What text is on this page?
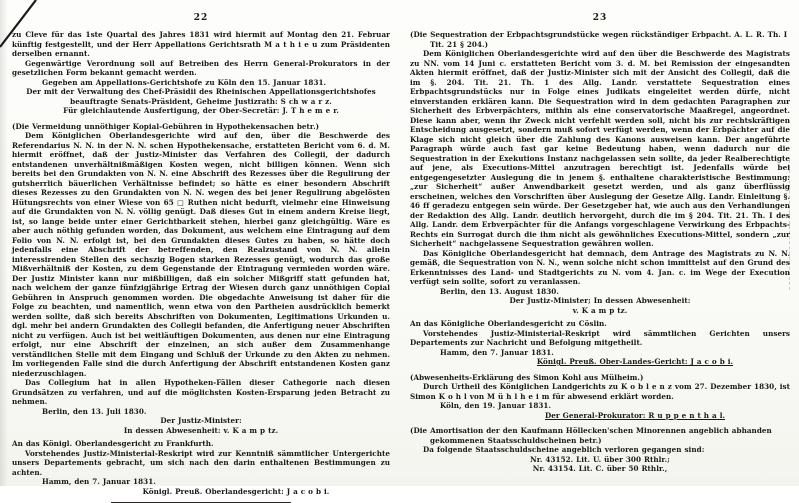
22

zu Cleve für das 1ste Quartal des Jahres 1831 wird hiermit auf Montag den 21. Februar künftig festgestellt, und der Herr Appellations Gerichtsrath M a t h i e u zum Präsidenten derselben ernannt.

Gegenwärtige Verordnung soll auf Betreiben des Herrn General-Prokurators in der gesetzlichen Form bekannt gemacht werden.

Gegeben am Appellations-Gerichtshofe zu Köln den 15. Januar 1831.

Der mit der Verwaltung des Chef-Präsidii des Rheinischen Appellationsgerichtshofes beauftragte Senats-Präsident, Geheime Justizrath: S ch w a r z.

Für gleichlautende Ausfertigung, der Ober-Secretär: J. T h e m e r.

(Die Vermeidung unnöthiger Kopial-Gebühren in Hypothekensachen betr.)

Dem Königlichen Oberlandesgerichte wird auf den, über die Beschwerde des Referendarius N. N. in der N. N. schen Hypothekensache, erstatteten Bericht vom 6. d. M. hiermit eröffnet, daß der Justiz-Minister das Verfahren des Collegii, der dadurch entstandenen unverhältnißmäßigen Kosten wegen, nicht billigen können. Wenn sich bereits bei den Grundakten von N. N. eine Abschrift des Rezesses über die Regulirung der gutsherrlich bäuerlichen Verhältnisse befindet; so hätte es einer besondern Abschrift dieses Rezesses zu den Grundakten von N. N. wegen des bei jener Regulirung abgelösten Hütungsrechts von einer Wiese von 65 □ Ruthen nicht bedurft, vielmehr eine Hinweisung auf die Grundakten von N. N. völlig genügt. Daß dieses Gut in einem andern Kreise liegt, ist, so lange beide unter einer Gerichtbarkeit stehen, hierbei ganz gleichgültig. Wäre es aber auch nöthig gefunden worden, das Dokument, aus welchem eine Eintragung auf dem Folio von N. N. erfolgt ist, bei den Grundakten dieses Gutes zu haben, so hätte doch jedenfalls eine Abschrift der betreffenden, den Realzustand von N. N. allein interessirenden Stellen des sechszig Bogen starken Rezesses genügt, wodurch das große Mißverhältniß der Kosten, zu dem Gegenstande der Eintragung vermieden worden wäre. Der Justiz Minister kann nur mißbilligen, daß ein solcher Mißgriff statt gefunden hat, nach welchem der ganze fünfzigjährige Ertrag der Wiesen durch ganz unnöthigen Copial Gebühren in Anspruch genommen worden. Die obgedachte Anweisung ist daher für die Folge zu beachten, und namentlich, wenn etwa von den Partheien ausdrücklich bemerkt werden sollte, daß sich bereits Abschriften von Dokumenten, Legitimations Urkunden u. dgl. mehr bei andern Grundakten des Collegii befanden, die Anfertigung neuer Abschriften nicht zu verfügen. Auch ist bei weitläuftigen Dokumenten, aus denen nur eine Eintragung erfolgt, nur eine Abschrift der einzelnen, an sich außer dem Zusammenhange verständlichen Stelle mit dem Eingang und Schluß der Urkunde zu den Akten zu nehmen. Im vorliegenden Falle sind die durch Anfertigung der Abschrift entstandenen Kosten ganz niederzuschlagen.

Das Collegium hat in allen Hypotheken-Fällen dieser Cathegorie nach diesen Grundsätzen zu verfahren, und auf die möglichsten Kosten-Ersparung jeden Betracht zu nehmen.

Berlin, den 13. Juli 1830.

Der Justiz-Minister:

In dessen Abwesenheit: v. K a m p tz.

An das Königl. Oberlandesgericht zu Frankfurth.

Vorstehendes Justiz-Ministerial-Reskript wird zur Kenntniß sämmtlicher Untergerichte unsers Departements gebracht, um sich nach den darin enthaltenen Bestimmungen zu achten.

Hamm, den 7. Januar 1831.

Königl. Preuß. Oberlandesgericht: J a c o b i.

23

(Die Sequestration der Erbpachtsgrundstücke wegen rückständiger Erbpacht. A. L. R. Th. I Tit. 21 § 204.)

Dem Königlichen Oberlandesgerichte wird auf den über die Beschwerde des Magistrats zu NN. vom 14 Juni c. erstatteten Bericht vom 3. d. M. bei Remission der eingesandten Akten hiermit eröffnet, daß der Justiz-Minister sich mit der Ansicht des Collegii, daß die im §. 204. Tit. 21. Th. 1 des Allg. Landr. verstattete Sequestration eines Erbpachtsgrundstücks nur in Folge eines Judikats eingeleitet werden dürfe, nicht einverstanden erklären kann. Die Sequestration wird in dem gedachten Paragraphen zur Sicherheit des Erbverpächters, mithin als eine conservatorische Maaßregel, angeordnet. Diese kann aber, wenn ihr Zweck nicht verfehlt werden soll, nicht bis zur rechtskräftigen Entscheidung ausgesetzt, sondern muß sofort verfügt werden, wenn der Erbpächter auf die Klage sich nicht gleich über die Zahlung des Kanons ausweisen kann. Der angeführte Paragraph würde auch fast gar keine Bedeutung haben, wenn dadurch nur die Sequestration in der Exekutions Instanz nachgelassen sein sollte, da jeder Realberechtigte auf jene, als Executions-Mittel anzutragen berechtigt ist. Jedenfalls würde bei entgegengesetzter Auslegung die in jenem §. enthaltene charakteristische Bestimmung: „zur Sicherheit“ außer Anwendbarkeit gesetzt werden, und als ganz überflüssig erscheinen, welches den Vorschriften über Auslegung der Gesetze Allg. Landr. Einleitung §. 46 ff geradezu entgegen sein würde. Der Gesetzgeber hat, wie auch aus den Verhandlungen der Redaktion des Allg. Landr. deutlich hervorgeht, durch die im § 204. Tit. 21. Th. I des Allg. Landr. dem Erbverpächter für die Anfangs vorgeschlagene Verwirkung des Erbpachts-Rechts ein Surrogat durch die ihm nicht als gewöhnliches Executions-Mittel, sondern „zur Sicherheit“ nachgelassene Sequestration gewähren wollen.

Das Königliche Oberlandesgericht hat demnach, dem Antrage des Magistrats zu N. N. gemäß, die Sequestration von N. N., wenn solche nicht schon immittelst auf den Grund des Erkenntnisses des Land- und Stadtgerichts zu N. vom 4. Jan. c. im Wege der Execution verfügt sein sollte, sofort zu veranlassen.

Berlin, den 13. August 1830.

Der Justiz-Minister; In dessen Abwesenheit:

v. K a m p tz.

An das Königliche Oberlandesgericht zu Cöslin.

Vorstehendes Justiz-Ministerial-Reskript wird sämmtlichen Gerichten unsers Departements zur Nachricht und Befolgung mitgetheilt.

Hamm, den 7. Januar 1831.

Königl. Preuß. Ober-Landes-Gericht: J a c o b i.

(Abwesenheits-Erklärung des Simon Kohl aus Mülheim.)

Durch Urtheil des Königlichen Landgerichts zu K o b l e n z vom 27. Dezember 1830, ist Simon K o h l von M ü h l h e i m für abwesend erklärt worden.

Köln, den 19. Januar 1831.

Der General-Prokurator: R u p p e n t h a l.

(Die Amortisation der den Kaufmann Höllecken'schen Minorennen angeblich abhanden gekommenen Staatsschuldscheinen betr.)

Da folgende Staatsschuldscheine angeblich verloren gegangen sind:

Nr. 43152. Lit. U. über 300 Rthlr.;

Nr. 43154. Lit. C. über 50 Rthlr.,
